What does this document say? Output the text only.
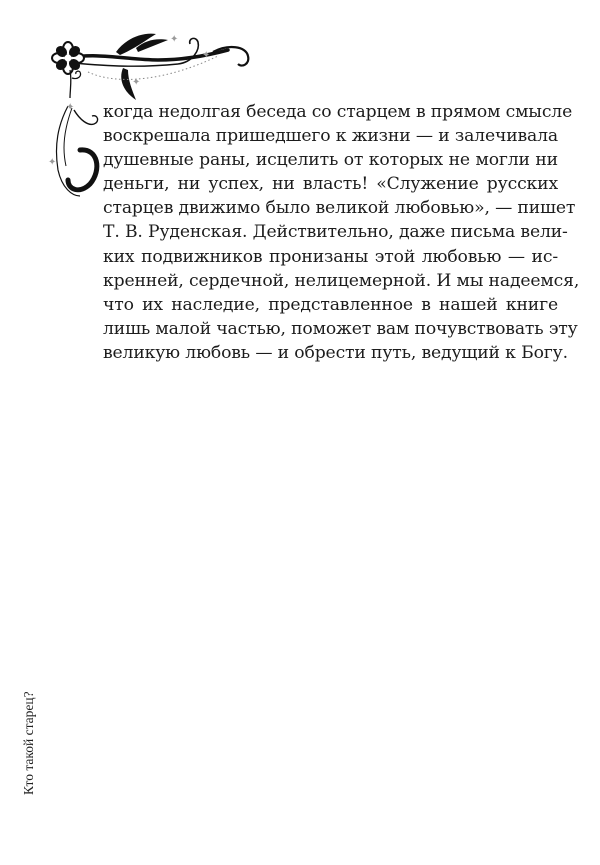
✦
✦
✦
✦
✦
когда недолгая беседа со старцем в прямом смысле
воскрешала пришедшего к жизни — и залечивала
душевные раны, исцелить от которых не могли ни
деньги, ни успех, ни власть! «Служение русских
старцев движимо было великой любовью», — пишет
Т. В. Руденская. Действительно, даже письма вели-
ких подвижников пронизаны этой любовью — ис-
кренней, сердечной, нелицемерной. И мы надеемся,
что их наследие, представленное в нашей книге
лишь малой частью, поможет вам почувствовать эту
великую любовь — и обрести путь, ведущий к Богу.
Кто такой старец?
